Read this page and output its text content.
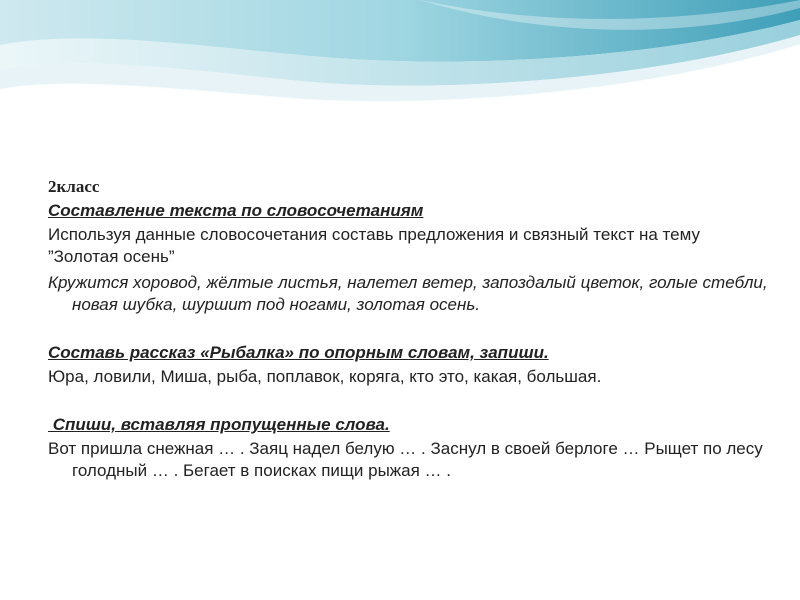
2класс

Составление текста по словосочетаниям

Используя данные словосочетания составь предложения и связный текст на тему

”Золотая осень”

Кружится хоровод, жёлтые листья, налетел ветер, запоздалый цветок, голые стебли, новая шубка, шуршит под ногами, золотая осень.

Составь рассказ «Рыбалка» по опорным словам, запиши.

Юра, ловили, Миша, рыба, поплавок, коряга, кто это, какая, большая.

Спиши, вставляя пропущенные слова.

Вот пришла снежная … . Заяц надел белую … . Заснул в своей берлоге … Рыщет по лесу голодный … . Бегает в поисках пищи рыжая … .
